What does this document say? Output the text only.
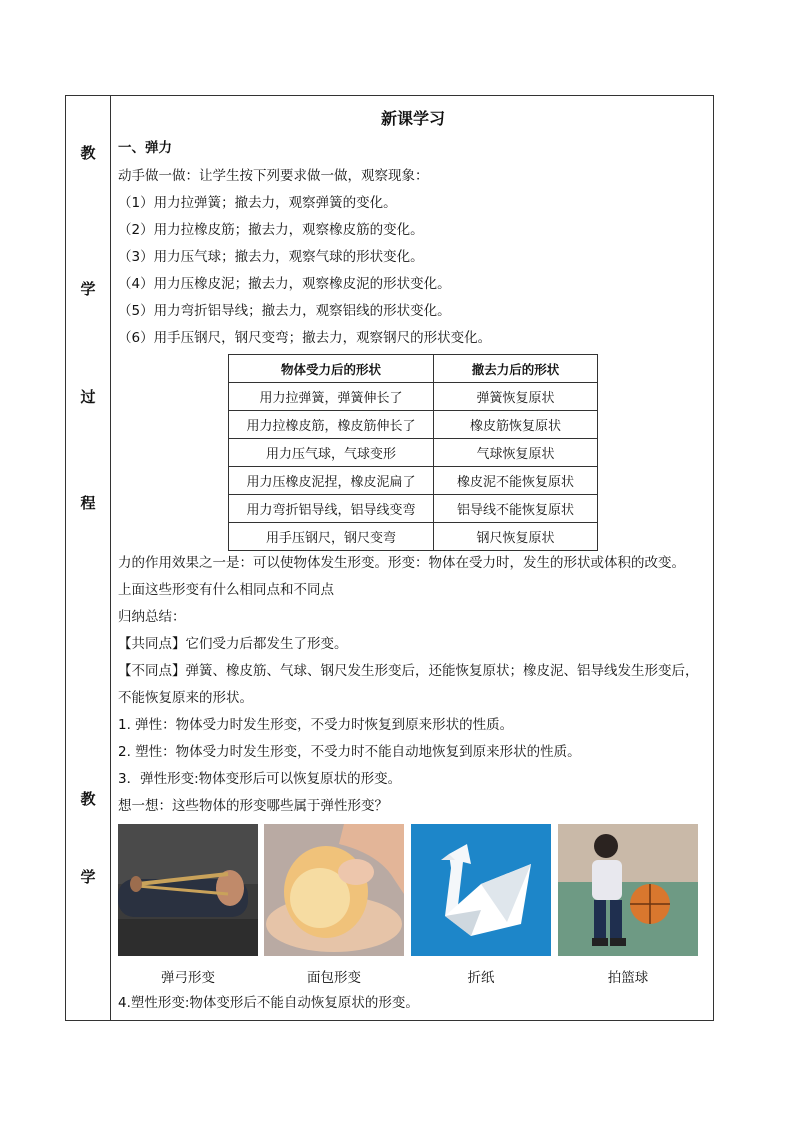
教
学
过
程
教
学
新课学习
一、弹力
动手做一做：让学生按下列要求做一做，观察现象：
（1）用力拉弹簧；撤去力，观察弹簧的变化。
（2）用力拉橡皮筋；撤去力，观察橡皮筋的变化。
（3）用力压气球；撤去力，观察气球的形状变化。
（4）用力压橡皮泥；撤去力，观察橡皮泥的形状变化。
（5）用力弯折铝导线；撤去力，观察铝线的形状变化。
（6）用手压钢尺，钢尺变弯；撤去力，观察钢尺的形状变化。
物体受力后的形状	撤去力后的形状
用力拉弹簧，弹簧伸长了	弹簧恢复原状
用力拉橡皮筋，橡皮筋伸长了	橡皮筋恢复原状
用力压气球，气球变形	气球恢复原状
用力压橡皮泥捏，橡皮泥扁了	橡皮泥不能恢复原状
用力弯折铝导线，铝导线变弯	铝导线不能恢复原状
用手压钢尺，钢尺变弯	钢尺恢复原状
力的作用效果之一是：可以使物体发生形变。形变：物体在受力时，发生的形状或体积的改变。
上面这些形变有什么相同点和不同点
归纳总结：
【共同点】它们受力后都发生了形变。
【不同点】弹簧、橡皮筋、气球、钢尺发生形变后，还能恢复原状；橡皮泥、铝导线发生形变后，
不能恢复原来的形状。
1. 弹性：物体受力时发生形变，不受力时恢复到原来形状的性质。
2. 塑性：物体受力时发生形变，不受力时不能自动地恢复到原来形状的性质。
3．弹性形变:物体变形后可以恢复原状的形变。
想一想：这些物体的形变哪些属于弹性形变？
弹弓形变	面包形变	折纸	拍篮球
4.塑性形变:物体变形后不能自动恢复原状的形变。
